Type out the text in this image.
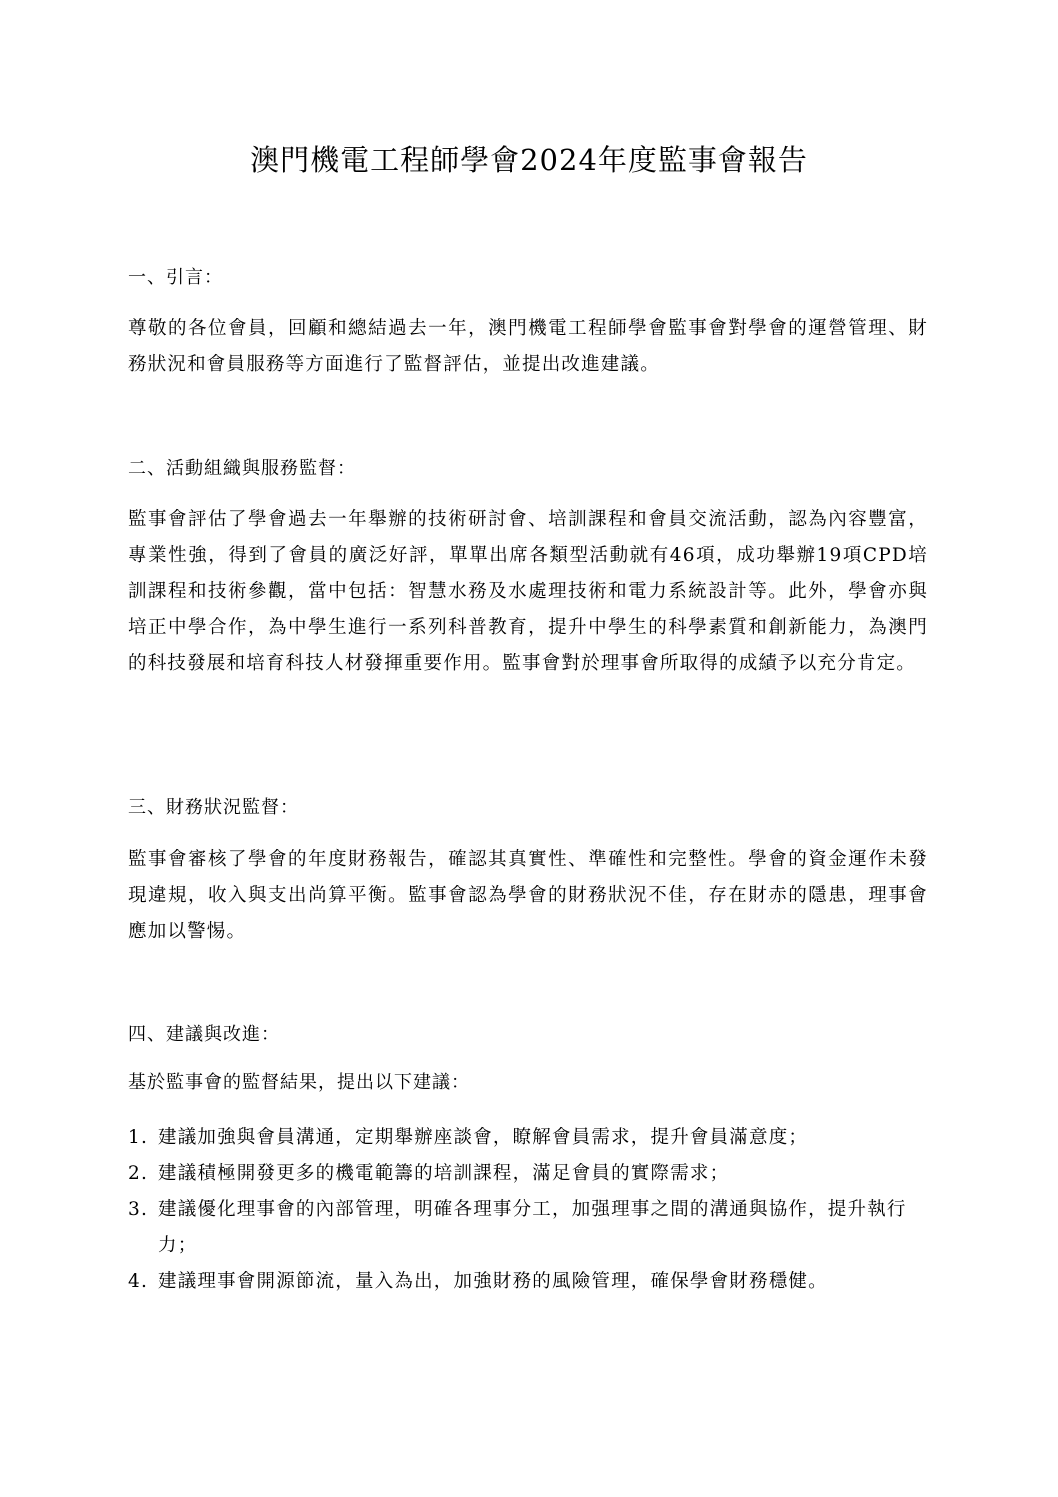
澳門機電工程師學會2024年度監事會報告
一、引言：
尊敬的各位會員，回顧和總結過去一年，澳門機電工程師學會監事會對學會的運營管理、財務狀況和會員服務等方面進行了監督評估，並提出改進建議。
二、活動組織與服務監督：
監事會評估了學會過去一年舉辦的技術研討會、培訓課程和會員交流活動，認為內容豐富，專業性強，得到了會員的廣泛好評，單單出席各類型活動就有46項，成功舉辦19項CPD培訓課程和技術參觀，當中包括：智慧水務及水處理技術和電力系統設計等。此外，學會亦與培正中學合作，為中學生進行一系列科普教育，提升中學生的科學素質和創新能力，為澳門的科技發展和培育科技人材發揮重要作用。監事會對於理事會所取得的成績予以充分肯定。
三、財務狀況監督：
監事會審核了學會的年度財務報告，確認其真實性、準確性和完整性。學會的資金運作未發現違規，收入與支出尚算平衡。監事會認為學會的財務狀況不佳，存在財赤的隱患，理事會應加以警惕。
四、建議與改進：
基於監事會的監督結果，提出以下建議：
1. 建議加強與會員溝通，定期舉辦座談會，瞭解會員需求，提升會員滿意度；
2. 建議積極開發更多的機電範籌的培訓課程，滿足會員的實際需求；
3. 建議優化理事會的內部管理，明確各理事分工，加强理事之間的溝通與協作，提升執行力；
4. 建議理事會開源節流，量入為出，加強財務的風險管理，確保學會財務穩健。
